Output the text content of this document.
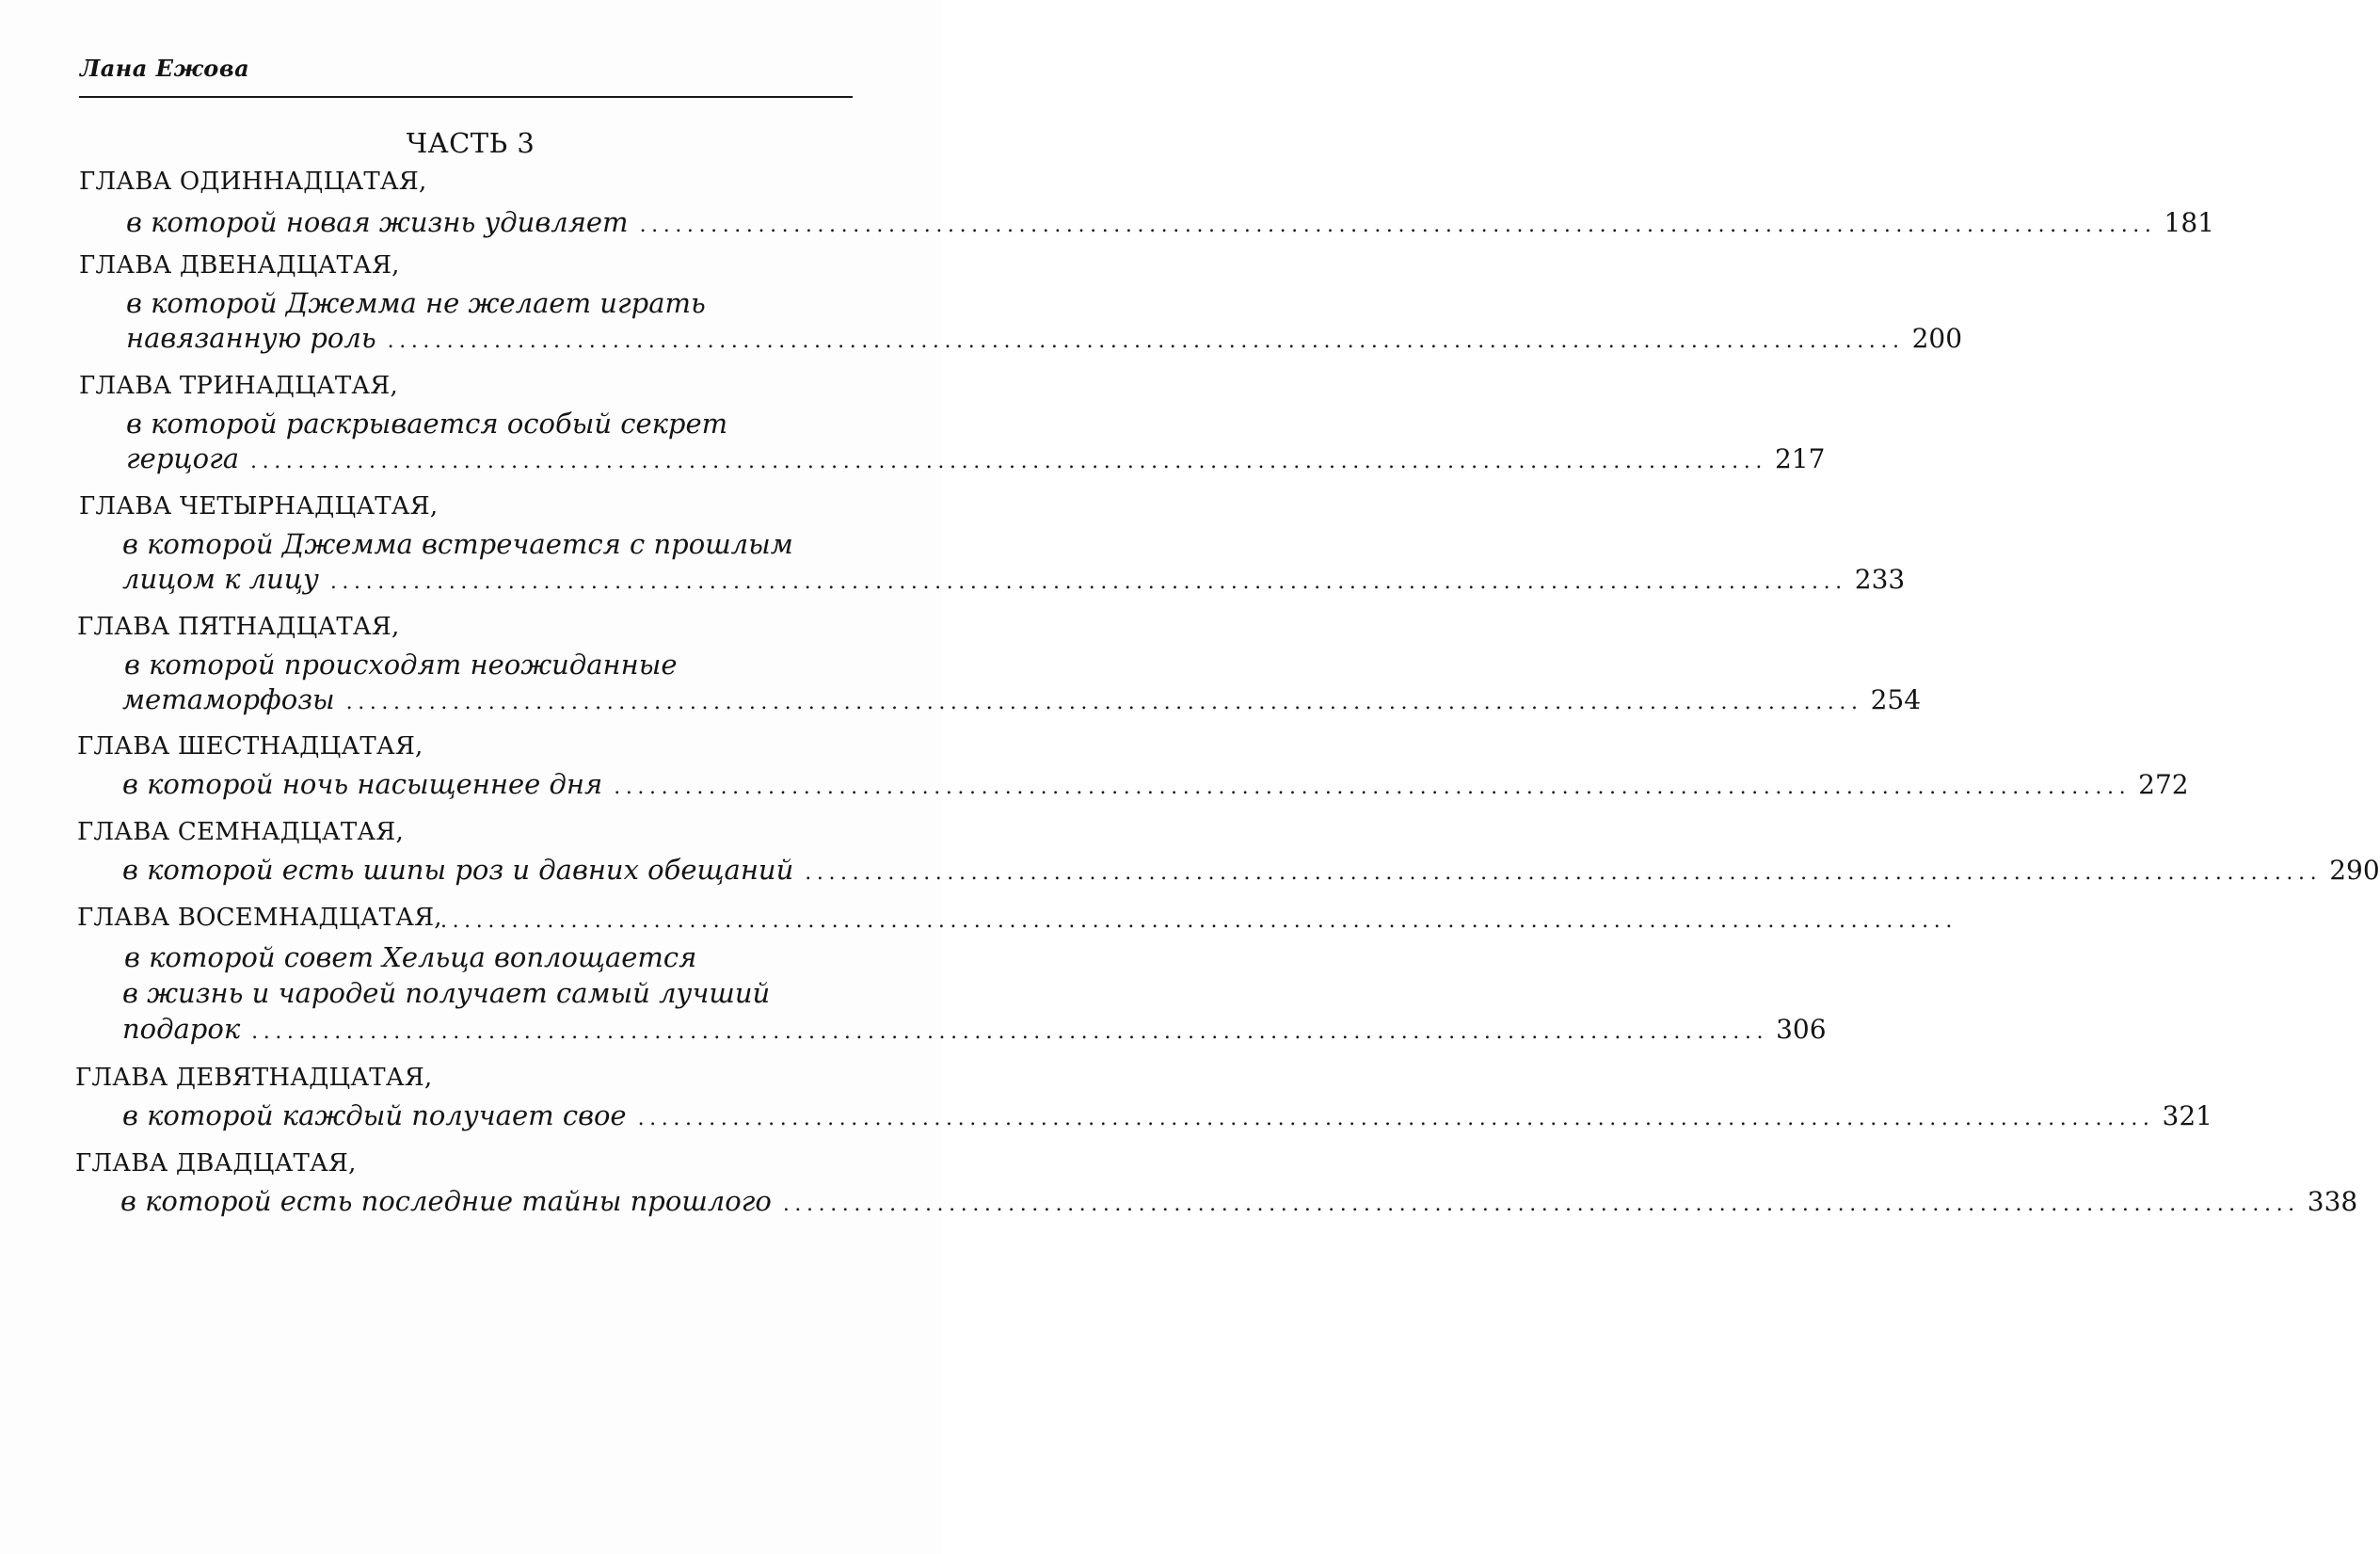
Лана Ежова
ЧАСТЬ 3
ГЛАВА ОДИННАДЦАТАЯ,
в которой новая жизнь удивляет ................................................................................................................................ 181
ГЛАВА ДВЕНАДЦАТАЯ,
в которой Джемма не желает играть
навязанную роль ................................................................................................................................ 200
ГЛАВА ТРИНАДЦАТАЯ,
в которой раскрывается особый секрет
герцога ................................................................................................................................ 217
ГЛАВА ЧЕТЫРНАДЦАТАЯ,
в которой Джемма встречается с прошлым
лицом к лицу ................................................................................................................................ 233
ГЛАВА ПЯТНАДЦАТАЯ,
в которой происходят неожиданные
метаморфозы ................................................................................................................................ 254
ГЛАВА ШЕСТНАДЦАТАЯ,
в которой ночь насыщеннее дня ................................................................................................................................ 272
ГЛАВА СЕМНАДЦАТАЯ,
в которой есть шипы роз и давних обещаний ................................................................................................................................ 290
ГЛАВА ВОСЕМНАДЦАТАЯ,
................................................................................................................................
в которой совет Хельца воплощается
в жизнь и чародей получает самый лучший
подарок ................................................................................................................................ 306
ГЛАВА ДЕВЯТНАДЦАТАЯ,
в которой каждый получает свое ................................................................................................................................ 321
ГЛАВА ДВАДЦАТАЯ,
в которой есть последние тайны прошлого ................................................................................................................................ 338
